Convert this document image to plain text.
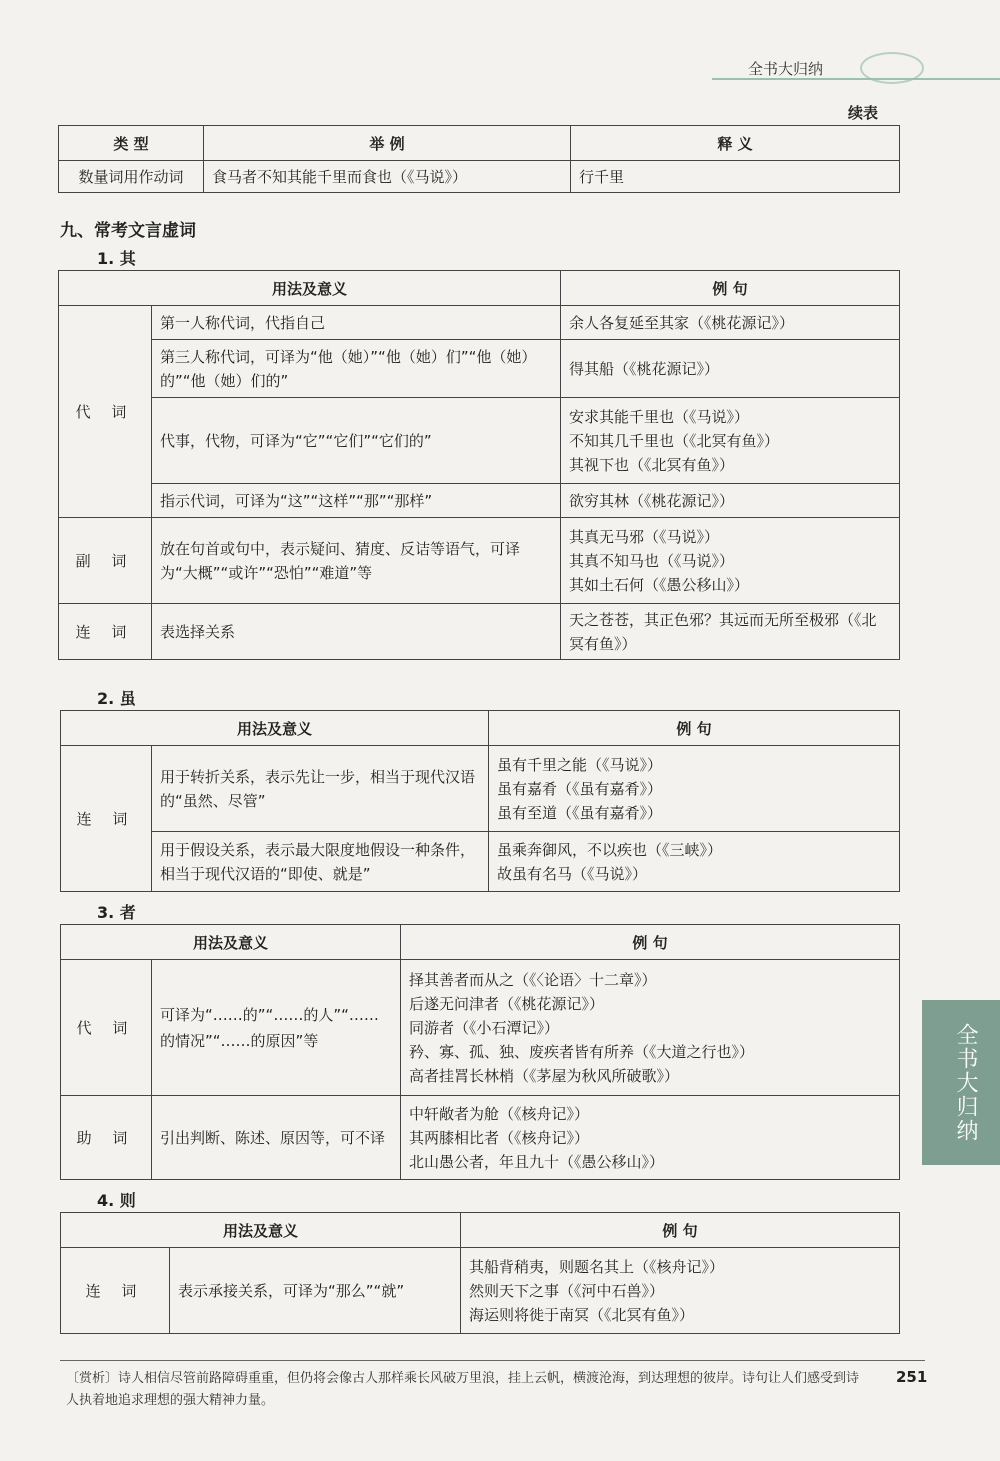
全书大归纳
续表
类 型	举 例	释 义
数量词用作动词	食马者不知其能千里而食也（《马说》）	行千里
九、常考文言虚词
1. 其
用法及意义		例 句
代 词	第一人称代词，代指自己	余人各复延至其家（《桃花源记》）

	第三人称代词，可译为“他（她）”“他（她）们”“他（她）的”“他（她）们的”	得其船（《桃花源记》）

	代事，代物，可译为“它”“它们”“它们的”	安求其能千里也（《马说》）
不知其几千里也（《北冥有鱼》）
其视下也（《北冥有鱼》）

	指示代词，可译为“这”“这样”“那”“那样”	欲穷其林（《桃花源记》）

副 词	放在句首或句中，表示疑问、猜度、反诘等语气，可译为“大概”“或许”“恐怕”“难道”等	其真无马邪（《马说》）
其真不知马也（《马说》）
其如土石何（《愚公移山》）

连 词	表选择关系	天之苍苍，其正色邪？其远而无所至极邪（《北冥有鱼》）
2. 虽
用法及意义		例 句
连 词	用于转折关系，表示先让一步，相当于现代汉语的“虽然、尽管”	虽有千里之能（《马说》）
虽有嘉肴（《虽有嘉肴》）
虽有至道（《虽有嘉肴》）

	用于假设关系，表示最大限度地假设一种条件，相当于现代汉语的“即使、就是”	虽乘奔御风，不以疾也（《三峡》）
故虽有名马（《马说》）
3. 者
用法及意义		例 句
代 词	可译为“……的”“……的人”“……的情况”“……的原因”等	择其善者而从之（《〈论语〉十二章》）
后遂无问津者（《桃花源记》）
同游者（《小石潭记》）
矜、寡、孤、独、废疾者皆有所养（《大道之行也》）
高者挂罥长林梢（《茅屋为秋风所破歌》）

助 词	引出判断、陈述、原因等，可不译	中轩敞者为舱（《核舟记》）
其两膝相比者（《核舟记》）
北山愚公者，年且九十（《愚公移山》）
4. 则
用法及意义		例 句
连 词	表示承接关系，可译为“那么”“就”	其船背稍夷，则题名其上（《核舟记》）
然则天下之事（《河中石兽》）
海运则将徙于南冥（《北冥有鱼》）
全书大归纳
〔赏析〕诗人相信尽管前路障碍重重，但仍将会像古人那样乘长风破万里浪，挂上云帆，横渡沧海，到达理想的彼岸。诗句让人们感受到诗人执着地追求理想的强大精神力量。
251
